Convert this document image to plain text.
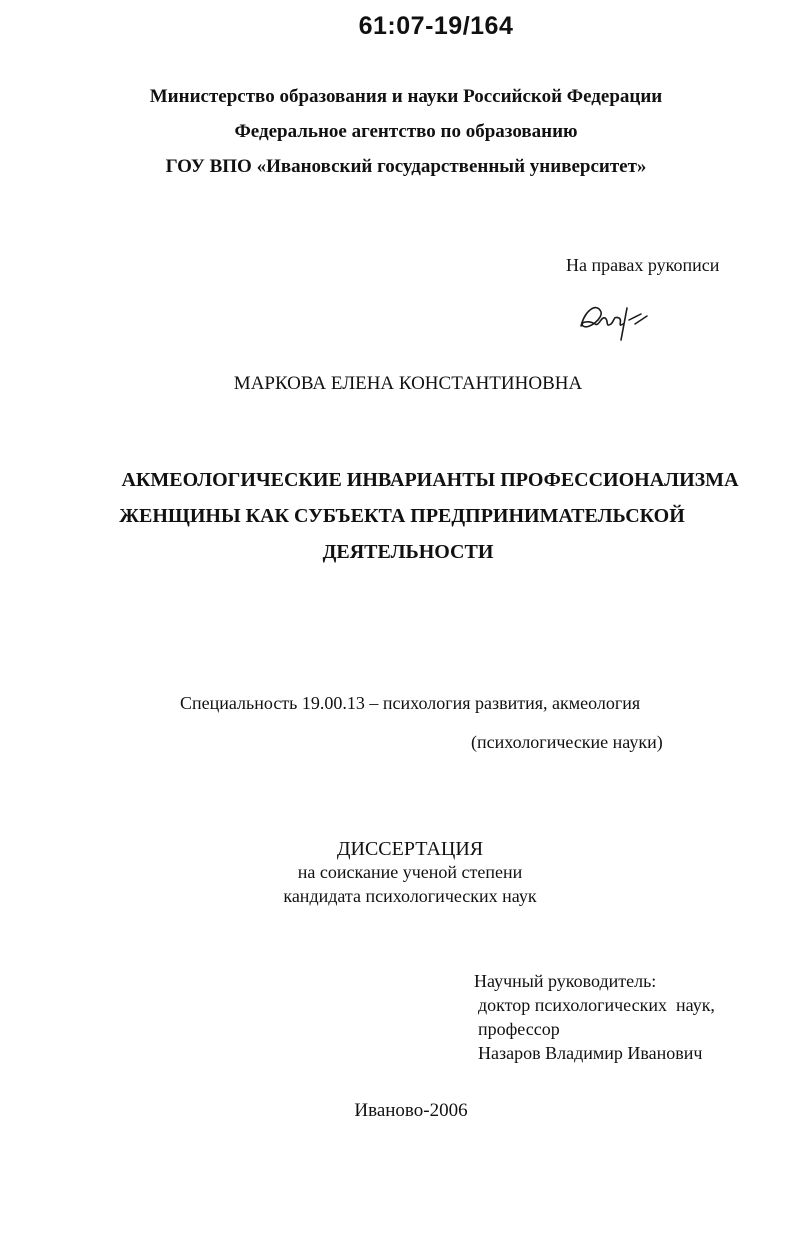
61:07-19/164
Министерство образования и науки Российской Федерации
Федеральное агентство по образованию
ГОУ ВПО «Ивановский государственный университет»
На правах рукописи
МАРКОВА ЕЛЕНА КОНСТАНТИНОВНА
АКМЕОЛОГИЧЕСКИЕ ИНВАРИАНТЫ ПРОФЕССИОНАЛИЗМА
ЖЕНЩИНЫ КАК СУБЪЕКТА ПРЕДПРИНИМАТЕЛЬСКОЙ
ДЕЯТЕЛЬНОСТИ
Специальность 19.00.13 – психология развития, акмеология
(психологические науки)
ДИССЕРТАЦИЯ
на соискание ученой степени
кандидата психологических наук
Научный руководитель:
доктор психологических  наук,
профессор
Назаров Владимир Иванович
Иваново-2006
